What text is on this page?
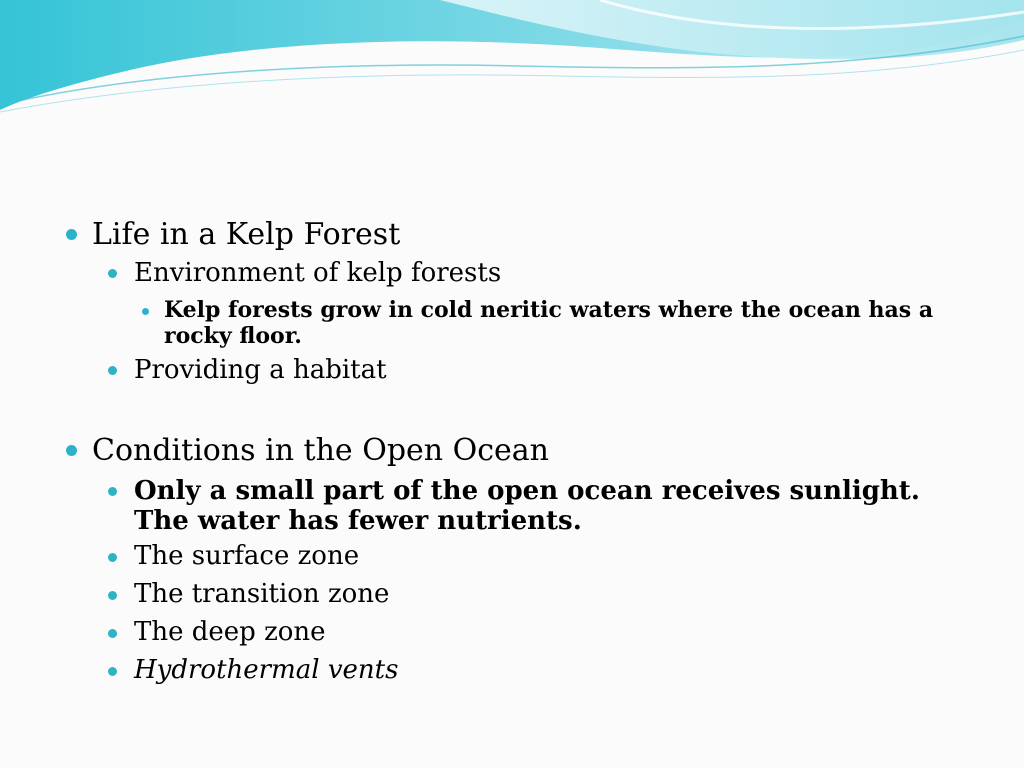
Life in a Kelp Forest
Environment of kelp forests
Kelp forests grow in cold neritic waters where the ocean has a
rocky floor.
Providing a habitat
Conditions in the Open Ocean
Only a small part of the open ocean receives sunlight.
The water has fewer nutrients.
The surface zone
The transition zone
The deep zone
Hydrothermal vents
